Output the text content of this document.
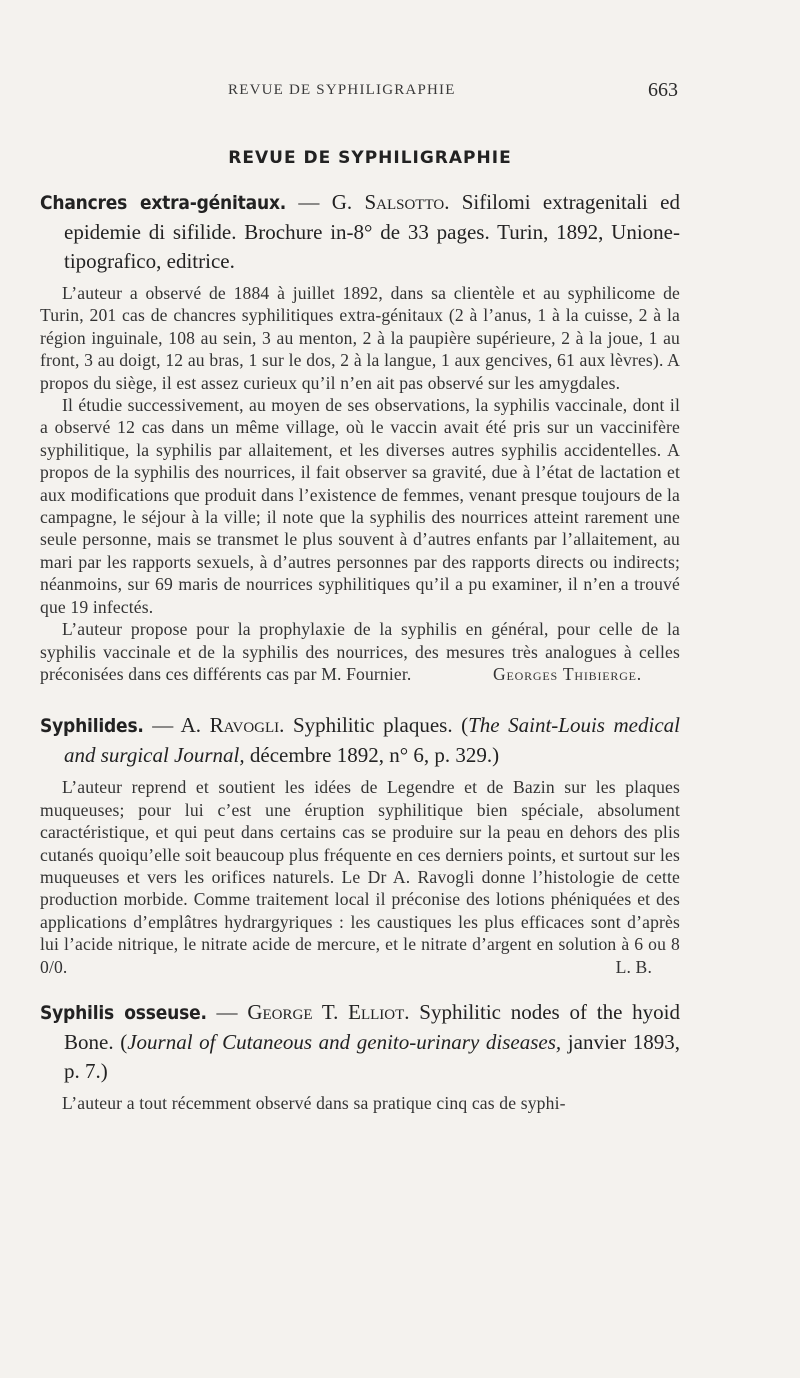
REVUE DE SYPHILIGRAPHIE	663
REVUE DE SYPHILIGRAPHIE

Chancres extra-génitaux. — G. Salsotto. Sifilomi extragenitali ed epidemie di sifilide. Brochure in-8° de 33 pages. Turin, 1892, Unione-tipografico, editrice.

L’auteur a observé de 1884 à juillet 1892, dans sa clientèle et au syphilicome de Turin, 201 cas de chancres syphilitiques extra-génitaux (2 à l’anus, 1 à la cuisse, 2 à la région inguinale, 108 au sein, 3 au menton, 2 à la paupière supérieure, 2 à la joue, 1 au front, 3 au doigt, 12 au bras, 1 sur le dos, 2 à la langue, 1 aux gencives, 61 aux lèvres). A propos du siège, il est assez curieux qu’il n’en ait pas observé sur les amygdales.

Il étudie successivement, au moyen de ses observations, la syphilis vaccinale, dont il a observé 12 cas dans un même village, où le vaccin avait été pris sur un vaccinifère syphilitique, la syphilis par allaitement, et les diverses autres syphilis accidentelles. A propos de la syphilis des nourrices, il fait observer sa gravité, due à l’état de lactation et aux modifications que produit dans l’existence de femmes, venant presque toujours de la campagne, le séjour à la ville; il note que la syphilis des nourrices atteint rarement une seule personne, mais se transmet le plus souvent à d’autres enfants par l’allaitement, au mari par les rapports sexuels, à d’autres personnes par des rapports directs ou indirects; néanmoins, sur 69 maris de nourrices syphilitiques qu’il a pu examiner, il n’en a trouvé que 19 infectés.

L’auteur propose pour la prophylaxie de la syphilis en général, pour celle de la syphilis vaccinale et de la syphilis des nourrices, des mesures très analogues à celles préconisées dans ces différents cas par M. Fournier.	Georges Thibierge.

Syphilides. — A. Ravogli. Syphilitic plaques. (The Saint-Louis medical and surgical Journal, décembre 1892, n° 6, p. 329.)

L’auteur reprend et soutient les idées de Legendre et de Bazin sur les plaques muqueuses; pour lui c’est une éruption syphilitique bien spéciale, absolument caractéristique, et qui peut dans certains cas se produire sur la peau en dehors des plis cutanés quoiqu’elle soit beaucoup plus fréquente en ces derniers points, et surtout sur les muqueuses et vers les orifices naturels. Le Dr A. Ravogli donne l’histologie de cette production morbide. Comme traitement local il préconise des lotions phéniquées et des applications d’emplâtres hydrargyriques : les caustiques les plus efficaces sont d’après lui l’acide nitrique, le nitrate acide de mercure, et le nitrate d’argent en solution à 6 ou 8 0/0.	L. B.

Syphilis osseuse. — George T. Elliot. Syphilitic nodes of the hyoid Bone. (Journal of Cutaneous and genito-urinary diseases, janvier 1893, p. 7.)

L’auteur a tout récemment observé dans sa pratique cinq cas de syphi-
